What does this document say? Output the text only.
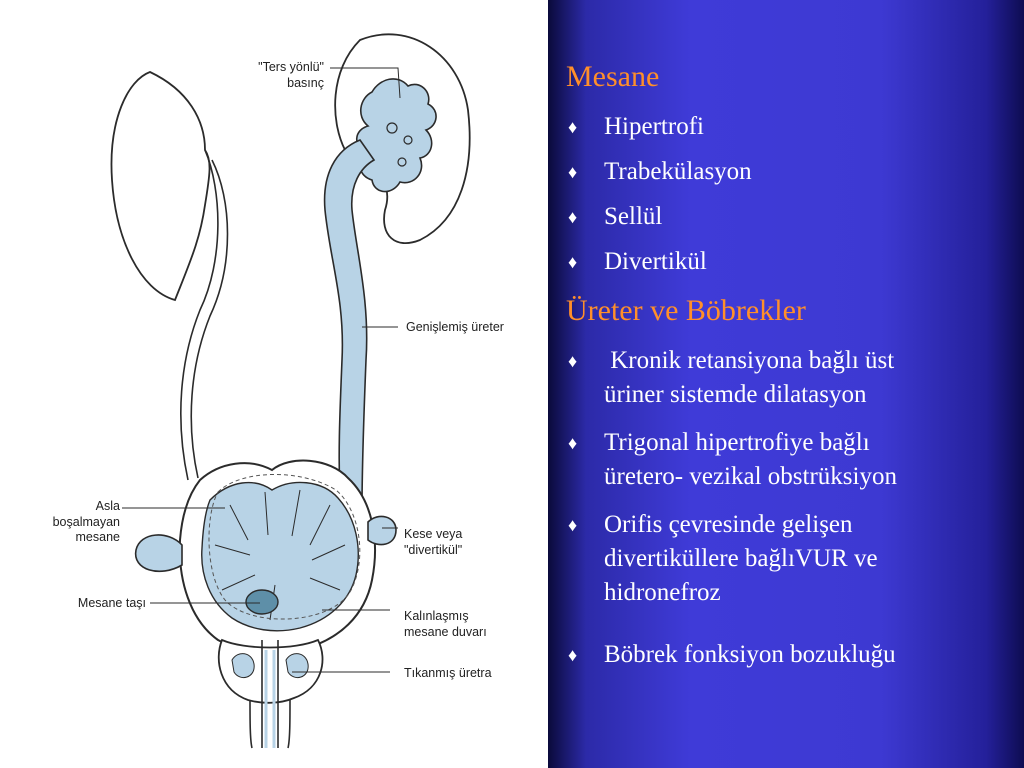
"Ters yönlü"
basınç
Genişlemiş üreter
Asla
boşalmayan
mesane	Kese veya
"divertikül"
Mesane taşı
Kalınlaşmış
mesane duvarı
Tıkanmış üretra
Mesane
♦	Hipertrofi
♦	Trabekülasyon
♦	Sellül
♦	Divertikül
Üreter ve Böbrekler
♦	Kronik retansiyona bağlı üst
üriner sistemde dilatasyon
♦	Trigonal hipertrofiye bağlı
üretero- vezikal obstrüksiyon
♦	Orifis çevresinde gelişen
divertiküllere bağlıVUR ve
hidronefroz
♦	Böbrek fonksiyon bozukluğu
